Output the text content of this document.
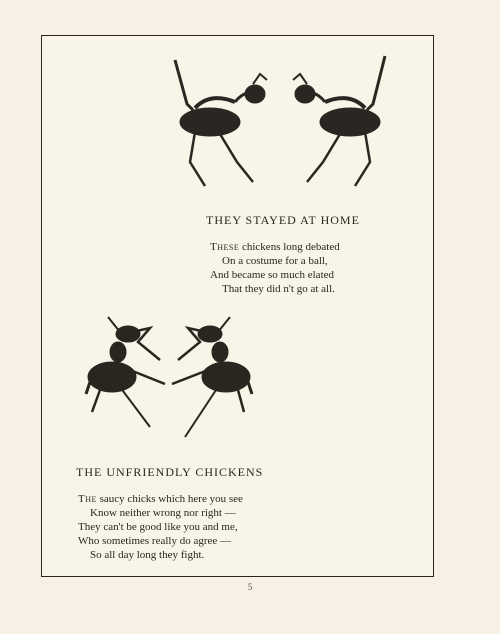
THEY STAYED AT HOME
These chickens long debated
On a costume for a ball,
And became so much elated
That they did n't go at all.
THE UNFRIENDLY CHICKENS
The saucy chicks which here you see
Know neither wrong nor right —
They can't be good like you and me,
Who sometimes really do agree —
So all day long they fight.
5
